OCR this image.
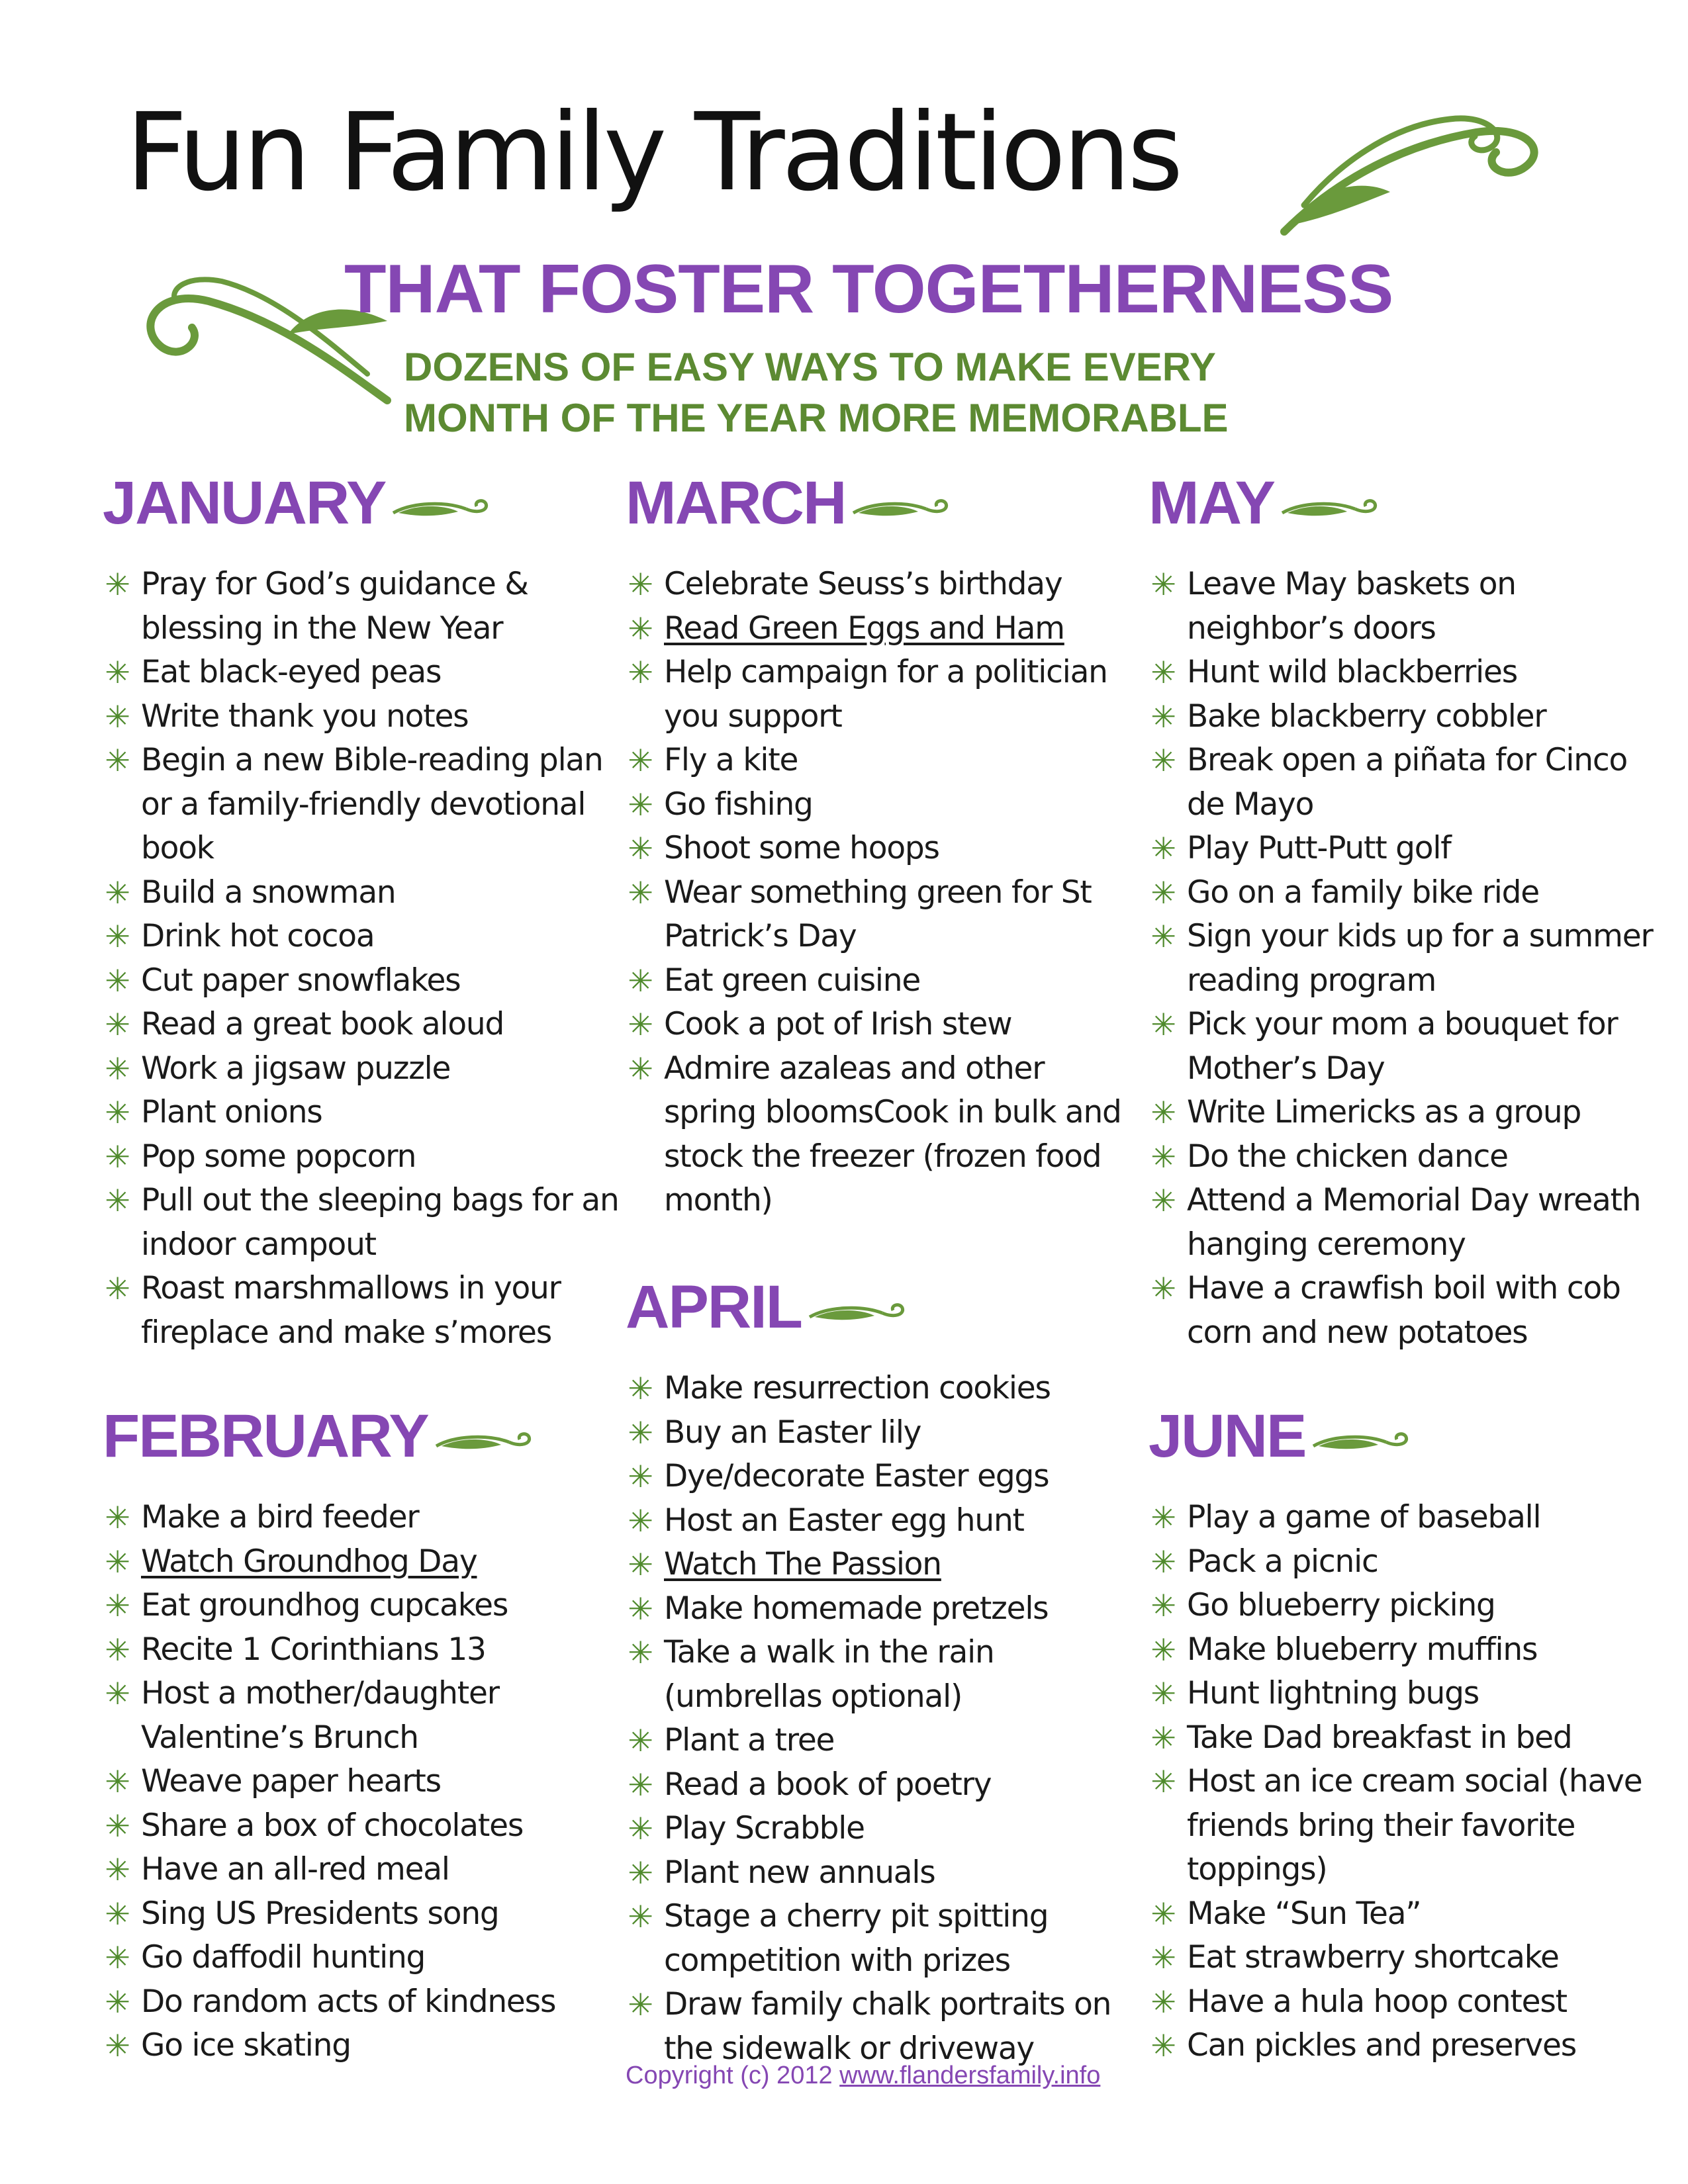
Fun Family Traditions
THAT FOSTER TOGETHERNESS
DOZENS OF EASY WAYS TO MAKE EVERY
MONTH OF THE YEAR MORE MEMORABLE
JANUARY
✳ Pray for God’s guidance & blessing in the New Year
✳ Eat black-eyed peas
✳ Write thank you notes
✳ Begin a new Bible-reading plan or a family-friendly devotional book
✳ Build a snowman
✳ Drink hot cocoa
✳ Cut paper snowflakes
✳ Read a great book aloud
✳ Work a jigsaw puzzle
✳ Plant onions
✳ Pop some popcorn
✳ Pull out the sleeping bags for an indoor campout
✳ Roast marshmallows in your fireplace and make s’mores
FEBRUARY
✳ Make a bird feeder
✳ Watch Groundhog Day
✳ Eat groundhog cupcakes
✳ Recite 1 Corinthians 13
✳ Host a mother/daughter Valentine’s Brunch
✳ Weave paper hearts
✳ Share a box of chocolates
✳ Have an all-red meal
✳ Sing US Presidents song
✳ Go daffodil hunting
✳ Do random acts of kindness
✳ Go ice skating
MARCH
✳ Celebrate Seuss’s birthday
✳ Read Green Eggs and Ham
✳ Help campaign for a politician you support
✳ Fly a kite
✳ Go fishing
✳ Shoot some hoops
✳ Wear something green for St Patrick’s Day
✳ Eat green cuisine
✳ Cook a pot of Irish stew
✳ Admire azaleas and other spring bloomsCook in bulk and stock the freezer (frozen food month)
APRIL
✳ Make resurrection cookies
✳ Buy an Easter lily
✳ Dye/decorate Easter eggs
✳ Host an Easter egg hunt
✳ Watch The Passion
✳ Make homemade pretzels
✳ Take a walk in the rain (umbrellas optional)
✳ Plant a tree
✳ Read a book of poetry
✳ Play Scrabble
✳ Plant new annuals
✳ Stage a cherry pit spitting competition with prizes
✳ Draw family chalk portraits on the sidewalk or driveway
MAY
✳ Leave May baskets on neighbor’s doors
✳ Hunt wild blackberries
✳ Bake blackberry cobbler
✳ Break open a piñata for Cinco de Mayo
✳ Play Putt-Putt golf
✳ Go on a family bike ride
✳ Sign your kids up for a summer reading program
✳ Pick your mom a bouquet for Mother’s Day
✳ Write Limericks as a group
✳ Do the chicken dance
✳ Attend a Memorial Day wreath hanging ceremony
✳ Have a crawfish boil with cob corn and new potatoes
JUNE
✳ Play a game of baseball
✳ Pack a picnic
✳ Go blueberry picking
✳ Make blueberry muffins
✳ Hunt lightning bugs
✳ Take Dad breakfast in bed
✳ Host an ice cream social (have friends bring their favorite toppings)
✳ Make “Sun Tea”
✳ Eat strawberry shortcake
✳ Have a hula hoop contest
✳ Can pickles and preserves
Copyright (c) 2012 www.flandersfamily.info
